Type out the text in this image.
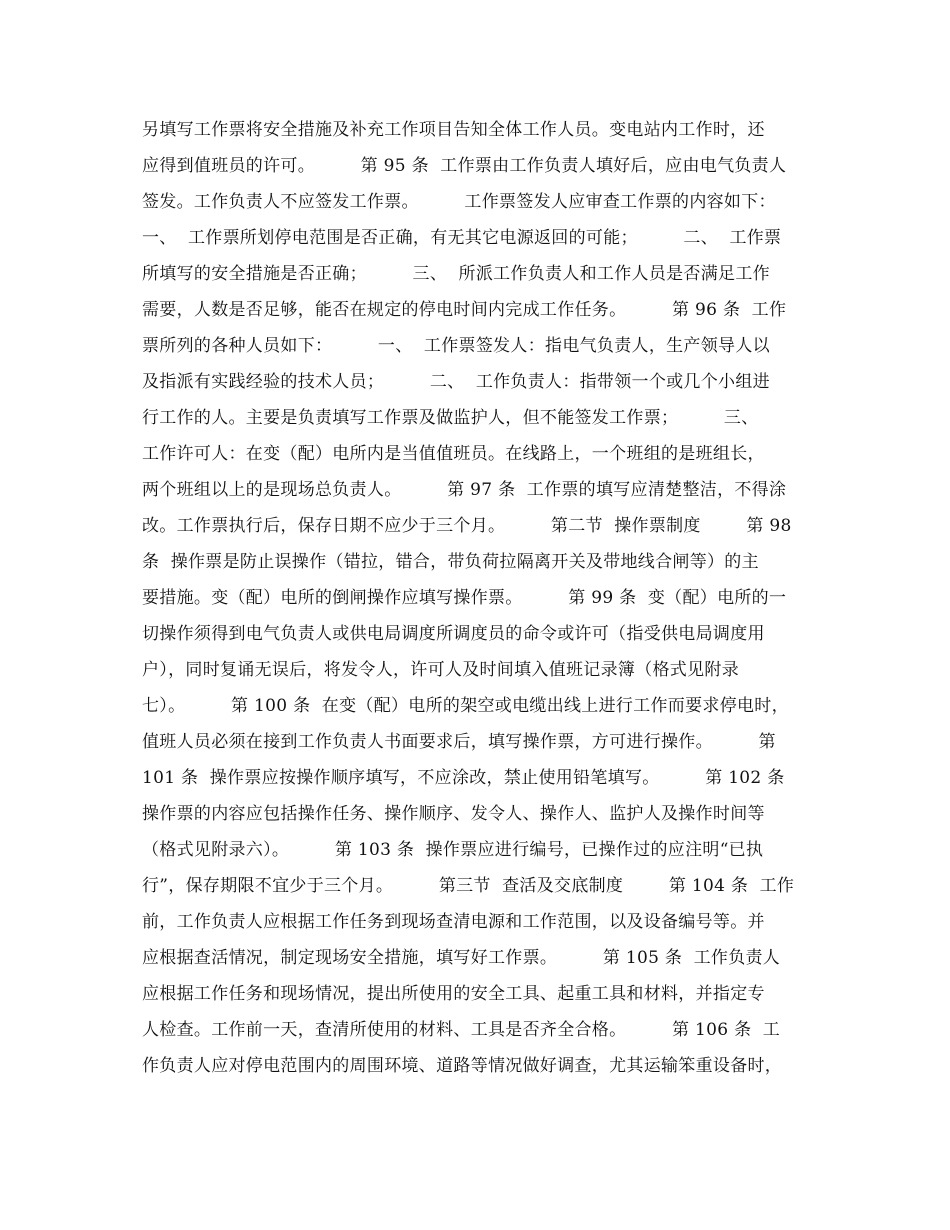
另填写工作票将安全措施及补充工作项目告知全体工作人员。变电站内工作时，还
应得到值班员的许可。        第 95 条  工作票由工作负责人填好后，应由电气负责人
签发。工作负责人不应签发工作票。        工作票签发人应审查工作票的内容如下：
一、  工作票所划停电范围是否正确，有无其它电源返回的可能；        二、  工作票
所填写的安全措施是否正确；        三、  所派工作负责人和工作人员是否满足工作
需要，人数是否足够，能否在规定的停电时间内完成工作任务。        第 96 条  工作
票所列的各种人员如下：        一、  工作票签发人：指电气负责人，生产领导人以
及指派有实践经验的技术人员；        二、  工作负责人：指带领一个或几个小组进
行工作的人。主要是负责填写工作票及做监护人，但不能签发工作票；        三、
工作许可人：在变（配）电所内是当值值班员。在线路上，一个班组的是班组长，
两个班组以上的是现场总负责人。        第 97 条  工作票的填写应清楚整洁，不得涂
改。工作票执行后，保存日期不应少于三个月。        第二节  操作票制度        第 98
条  操作票是防止误操作（错拉，错合，带负荷拉隔离开关及带地线合闸等）的主
要措施。变（配）电所的倒闸操作应填写操作票。        第 99 条  变（配）电所的一
切操作须得到电气负责人或供电局调度所调度员的命令或许可（指受供电局调度用
户），同时复诵无误后，将发令人，许可人及时间填入值班记录簿（格式见附录
七）。        第 100 条  在变（配）电所的架空或电缆出线上进行工作而要求停电时，
值班人员必须在接到工作负责人书面要求后，填写操作票，方可进行操作。        第
101 条  操作票应按操作顺序填写，不应涂改，禁止使用铅笔填写。        第 102 条
操作票的内容应包括操作任务、操作顺序、发令人、操作人、监护人及操作时间等
（格式见附录六）。        第 103 条  操作票应进行编号，已操作过的应注明“已执
行”，保存期限不宜少于三个月。        第三节  查活及交底制度        第 104 条  工作
前，工作负责人应根据工作任务到现场查清电源和工作范围，以及设备编号等。并
应根据查活情况，制定现场安全措施，填写好工作票。        第 105 条  工作负责人
应根据工作任务和现场情况，提出所使用的安全工具、起重工具和材料，并指定专
人检查。工作前一天，查清所使用的材料、工具是否齐全合格。        第 106 条  工
作负责人应对停电范围内的周围环境、道路等情况做好调查，尤其运输笨重设备时，
